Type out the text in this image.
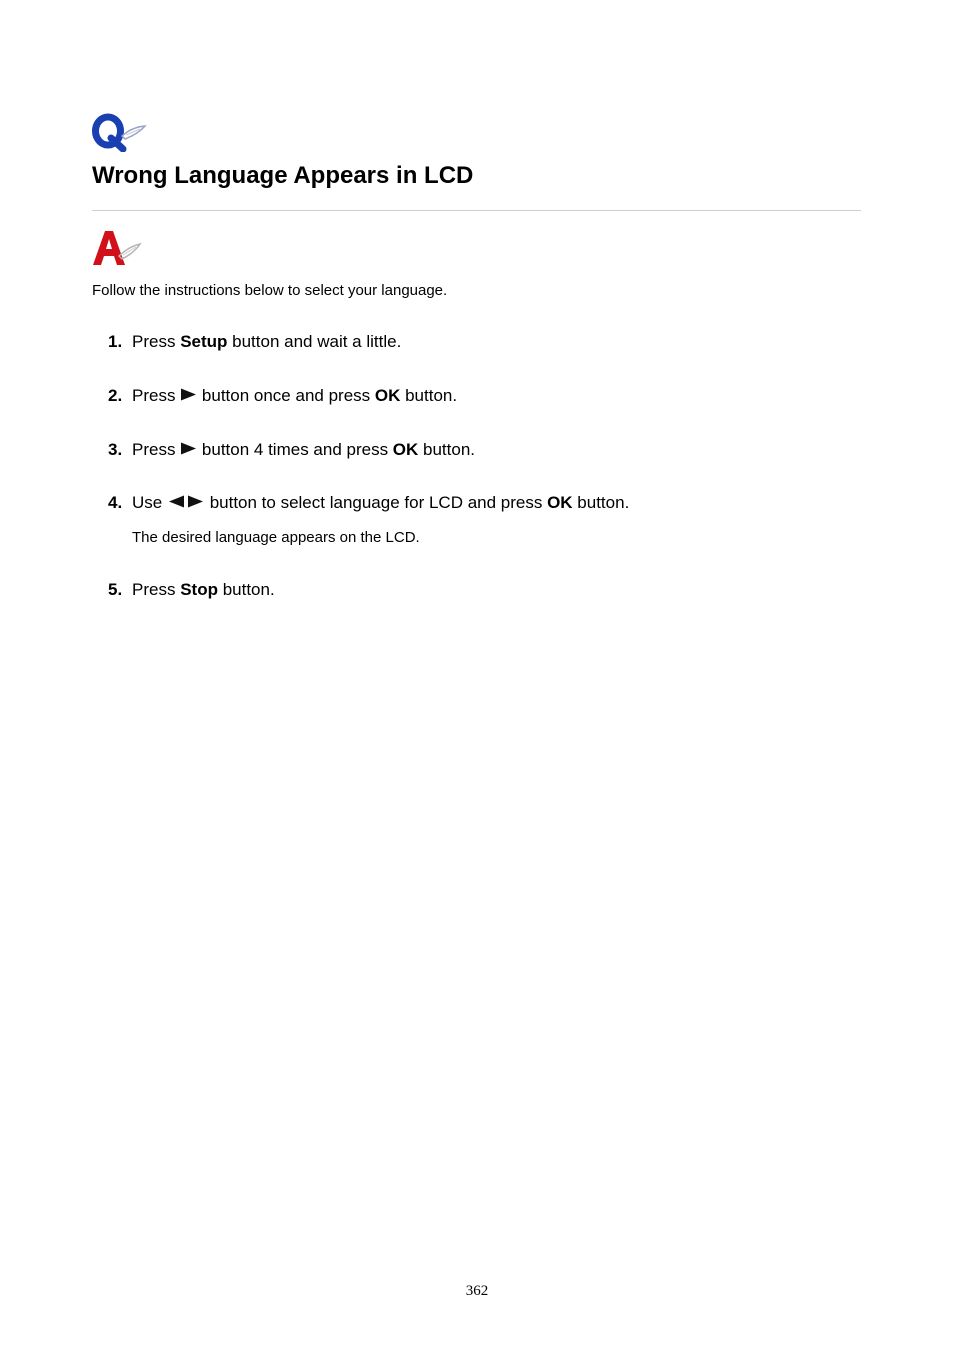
Wrong Language Appears in LCD

Follow the instructions below to select your language.

1. Press Setup button and wait a little.
2. Press  button once and press OK button.
3. Press  button 4 times and press OK button.
4. Use  button to select language for LCD and press OK button.
The desired language appears on the LCD.
5. Press Stop button.
362
